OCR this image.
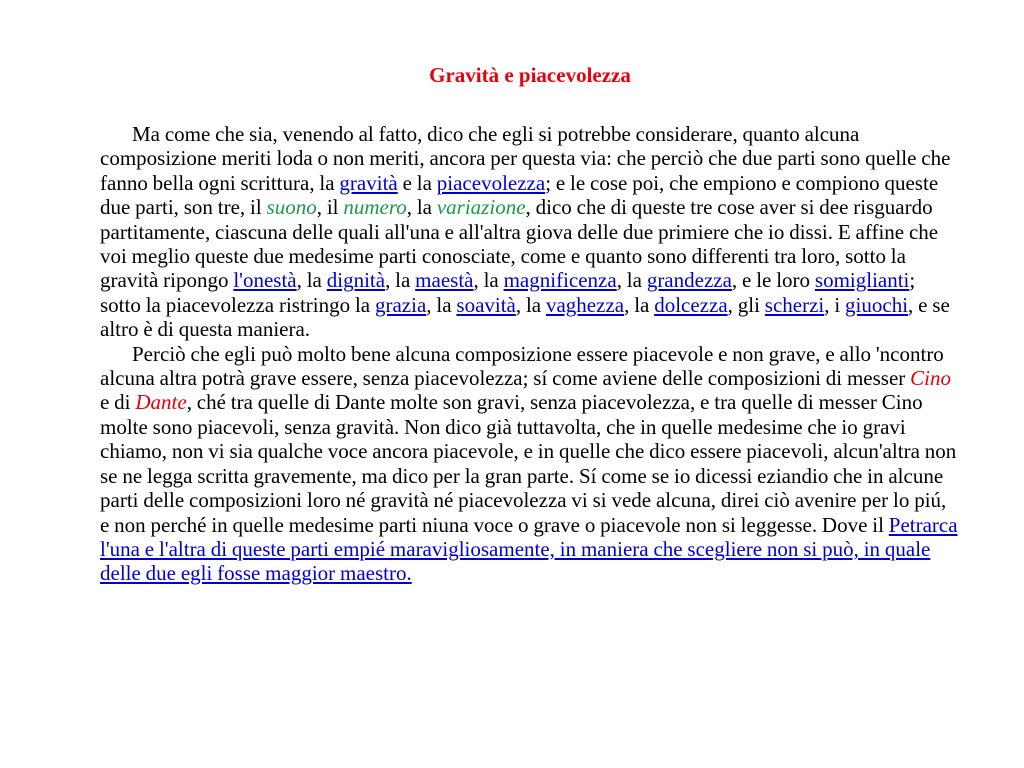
Gravità e piacevolezza

Ma come che sia, venendo al fatto, dico che egli si potrebbe considerare, quanto alcuna composizione meriti loda o non meriti, ancora per questa via: che perciò che due parti sono quelle che fanno bella ogni scrittura, la gravità e la piacevolezza; e le cose poi, che empiono e compiono queste due parti, son tre, il suono, il numero, la variazione, dico che di queste tre cose aver si dee risguardo partitamente, ciascuna delle quali all'una e all'altra giova delle due primiere che io dissi. E affine che voi meglio queste due medesime parti conosciate, come e quanto sono differenti tra loro, sotto la gravità ripongo l'onestà, la dignità, la maestà, la magnificenza, la grandezza, e le loro somiglianti; sotto la piacevolezza ristringo la grazia, la soavità, la vaghezza, la dolcezza, gli scherzi, i giuochi, e se altro è di questa maniera.

Perciò che egli può molto bene alcuna composizione essere piacevole e non grave, e allo 'ncontro alcuna altra potrà grave essere, senza piacevolezza; sí come aviene delle composizioni di messer Cino e di Dante, ché tra quelle di Dante molte son gravi, senza piacevolezza, e tra quelle di messer Cino molte sono piacevoli, senza gravità. Non dico già tuttavolta, che in quelle medesime che io gravi chiamo, non vi sia qualche voce ancora piacevole, e in quelle che dico essere piacevoli, alcun'altra non se ne legga scritta gravemente, ma dico per la gran parte. Sí come se io dicessi eziandio che in alcune parti delle composizioni loro né gravità né piacevolezza vi si vede alcuna, direi ciò avenire per lo piú, e non perché in quelle medesime parti niuna voce o grave o piacevole non si leggesse. Dove il Petrarca l'una e l'altra di queste parti empié maravigliosamente, in maniera che scegliere non si può, in quale delle due egli fosse maggior maestro.
